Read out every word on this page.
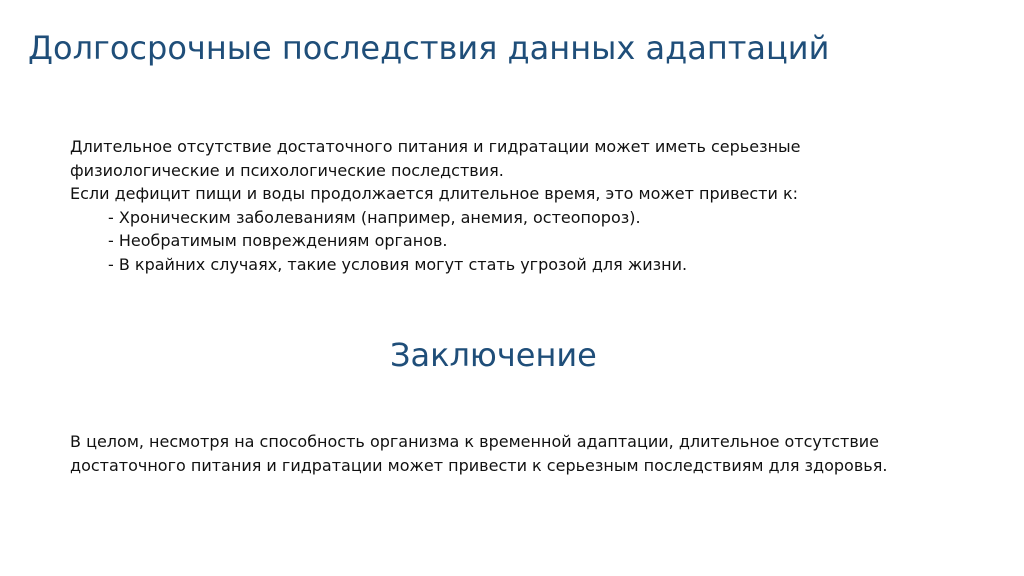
Долгосрочные последствия данных адаптаций

Длительное отсутствие достаточного питания и гидратации может иметь серьезные физиологические и психологические последствия.

Если дефицит пищи и воды продолжается длительное время, это может привести к:

- Хроническим заболеваниям (например, анемия, остеопороз).
- Необратимым повреждениям органов.
- В крайних случаях, такие условия могут стать угрозой для жизни.
Заключение

В целом, несмотря на способность организма к временной адаптации, длительное отсутствие достаточного питания и гидратации может привести к серьезным последствиям для здоровья.
